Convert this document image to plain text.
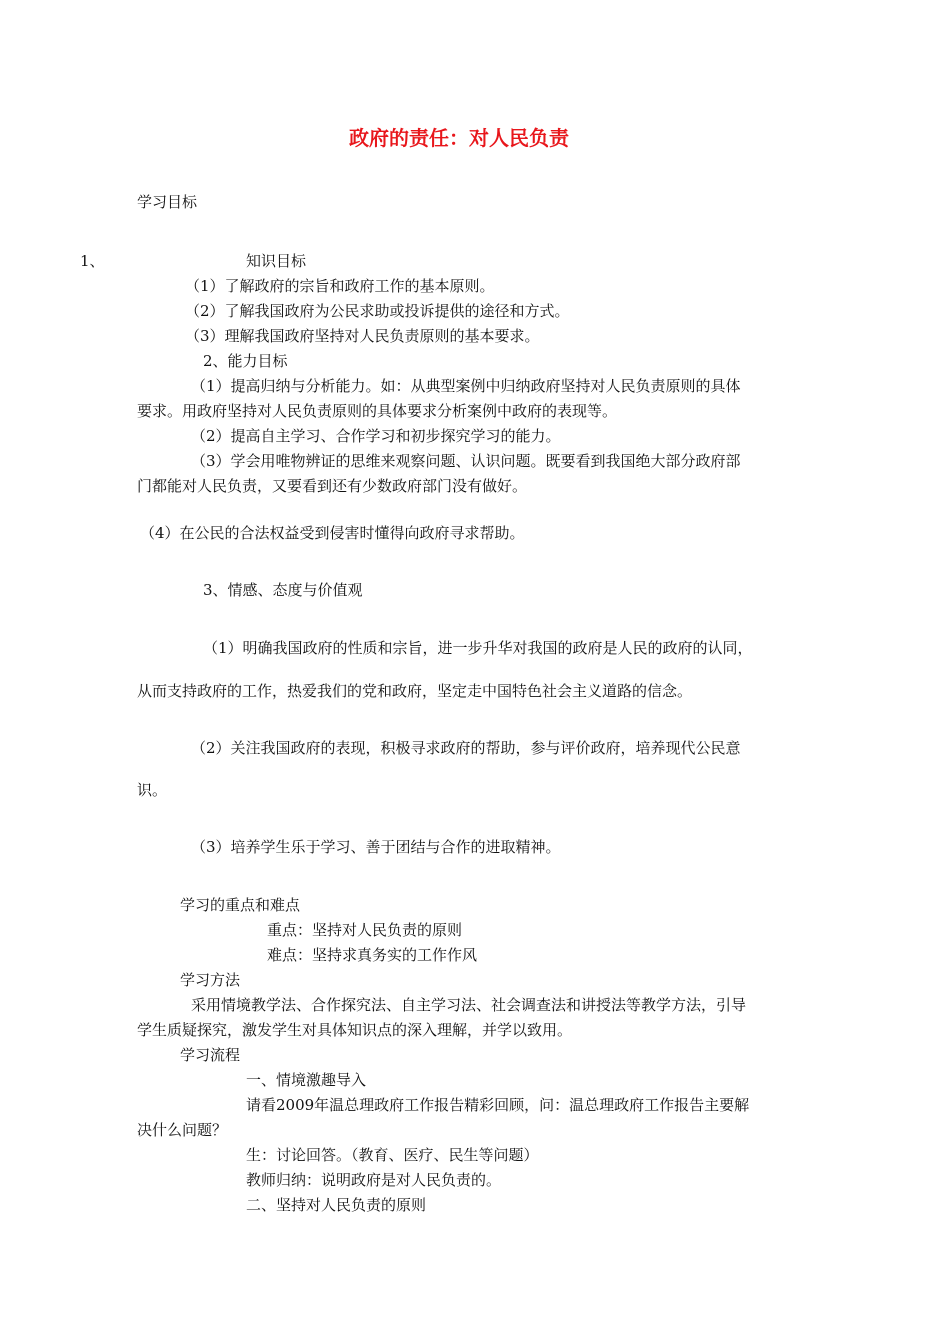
政府的责任：对人民负责
学习目标
1、	知识目标
（1）了解政府的宗旨和政府工作的基本原则。
（2）了解我国政府为公民求助或投诉提供的途径和方式。
（3）理解我国政府坚持对人民负责原则的基本要求。
2、能力目标
（1）提高归纳与分析能力。如：从典型案例中归纳政府坚持对人民负责原则的具体
要求。用政府坚持对人民负责原则的具体要求分析案例中政府的表现等。
（2）提高自主学习、合作学习和初步探究学习的能力。
（3）学会用唯物辨证的思维来观察问题、认识问题。既要看到我国绝大部分政府部
门都能对人民负责，又要看到还有少数政府部门没有做好。
（4）在公民的合法权益受到侵害时懂得向政府寻求帮助。
3、情感、态度与价值观
（1）明确我国政府的性质和宗旨，进一步升华对我国的政府是人民的政府的认同，
从而支持政府的工作，热爱我们的党和政府，坚定走中国特色社会主义道路的信念。
（2）关注我国政府的表现，积极寻求政府的帮助，参与评价政府，培养现代公民意
识。
（3）培养学生乐于学习、善于团结与合作的进取精神。
学习的重点和难点
重点：坚持对人民负责的原则
难点：坚持求真务实的工作作风
学习方法
采用情境教学法、合作探究法、自主学习法、社会调查法和讲授法等教学方法，引导
学生质疑探究，激发学生对具体知识点的深入理解，并学以致用。
学习流程
一、情境激趣导入
请看2009年温总理政府工作报告精彩回顾，问：温总理政府工作报告主要解
决什么问题？
生：讨论回答。（教育、医疗、民生等问题）
教师归纳：说明政府是对人民负责的。
二、坚持对人民负责的原则
